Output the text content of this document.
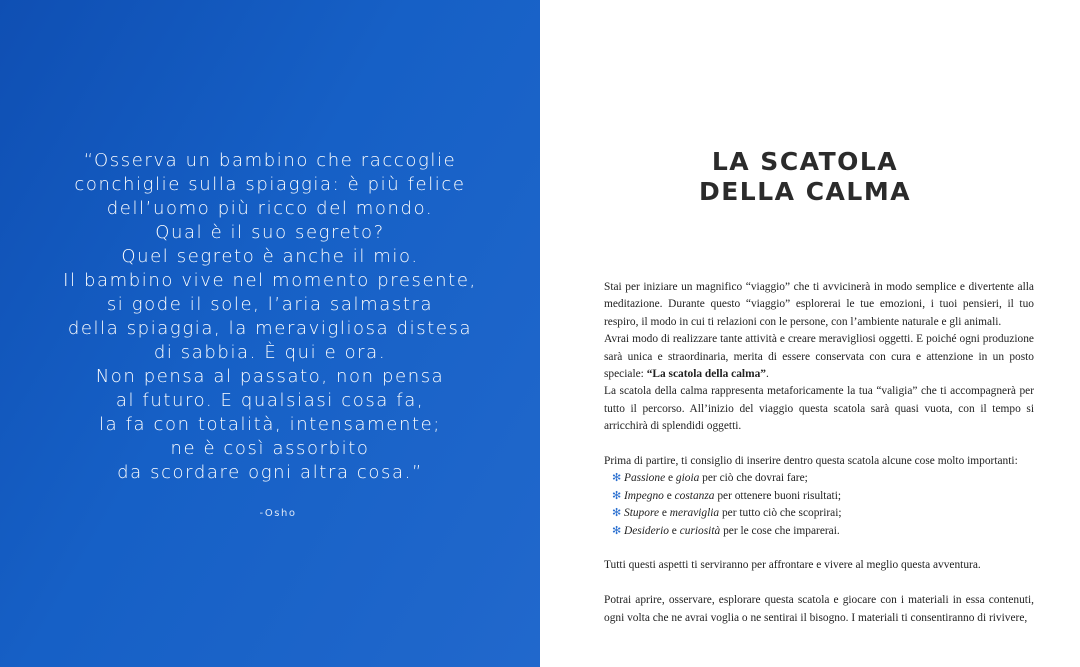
“Osserva un bambino che raccoglie
conchiglie sulla spiaggia: è più felice
dell’uomo più ricco del mondo.
Qual è il suo segreto?
Quel segreto è anche il mio.
Il bambino vive nel momento presente,
si gode il sole, l’aria salmastra
della spiaggia, la meravigliosa distesa
di sabbia. È qui e ora.
Non pensa al passato, non pensa
al futuro. E qualsiasi cosa fa,
la fa con totalità, intensamente;
ne è così assorbito
da scordare ogni altra cosa.”
-Osho
LA SCATOLA
DELLA CALMA

Stai per iniziare un magnifico “viaggio” che ti avvicinerà in modo semplice e divertente alla meditazione. Durante questo “viaggio” esplorerai le tue emozioni, i tuoi pensieri, il tuo respiro, il modo in cui ti relazioni con le persone, con l’ambiente naturale e gli animali.

Avrai modo di realizzare tante attività e creare meravigliosi oggetti. E poiché ogni produzione sarà unica e straordinaria, merita di essere conservata con cura e attenzione in un posto speciale: “La scatola della calma”.

La scatola della calma rappresenta metaforicamente la tua “valigia” che ti accompagnerà per tutto il percorso. All’inizio del viaggio questa scatola sarà quasi vuota, con il tempo si arricchirà di splendidi oggetti.

Prima di partire, ti consiglio di inserire dentro questa scatola alcune cose molto importanti:

✻ Passione e gioia per ciò che dovrai fare;
✻ Impegno e costanza per ottenere buoni risultati;
✻ Stupore e meraviglia per tutto ciò che scoprirai;
✻ Desiderio e curiosità per le cose che imparerai.

Tutti questi aspetti ti serviranno per affrontare e vivere al meglio questa avventura.

Potrai aprire, osservare, esplorare questa scatola e giocare con i materiali in essa contenuti, ogni volta che ne avrai voglia o ne sentirai il bisogno. I materiali ti consentiranno di rivivere,
